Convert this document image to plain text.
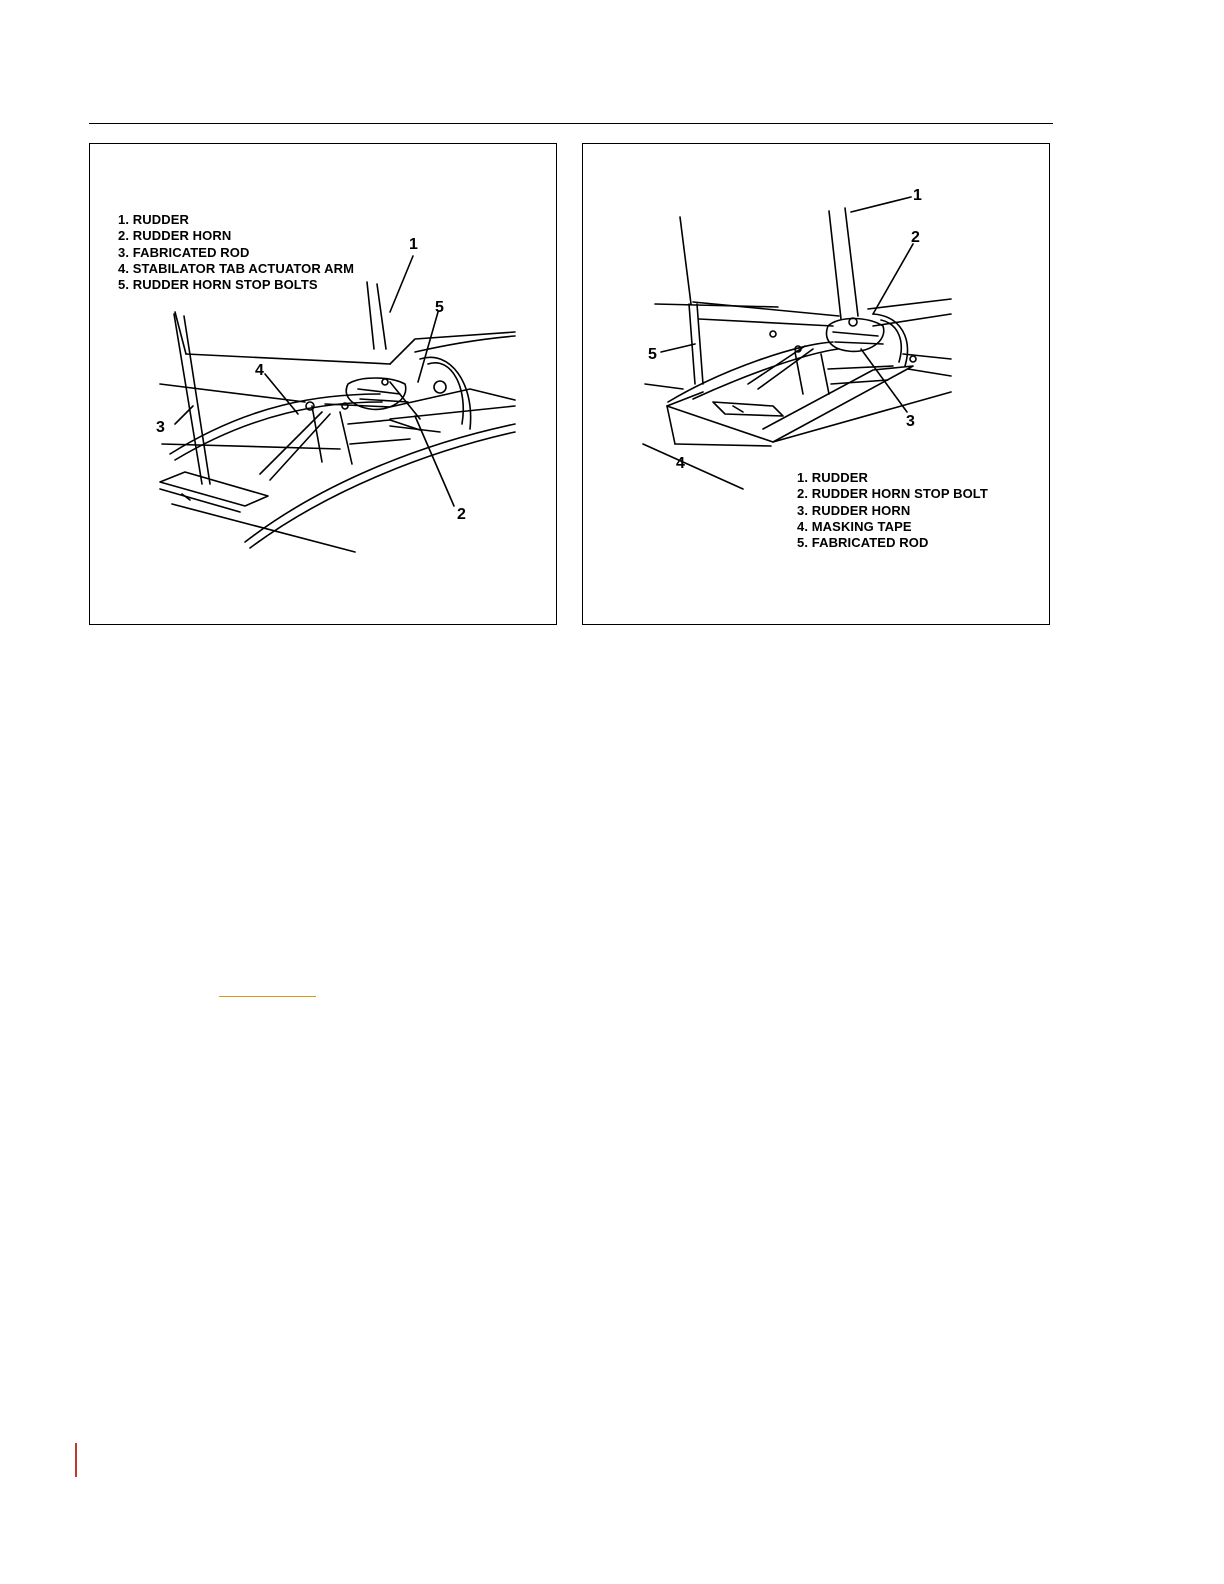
1. RUDDER
2. RUDDER HORN
3. FABRICATED ROD
4. STABILATOR TAB ACTUATOR ARM
5. RUDDER HORN STOP BOLTS
1
2
3
4
5
1. RUDDER
2. RUDDER HORN STOP BOLT
3. RUDDER HORN
4. MASKING TAPE
5. FABRICATED ROD
1
2
3
4
5
